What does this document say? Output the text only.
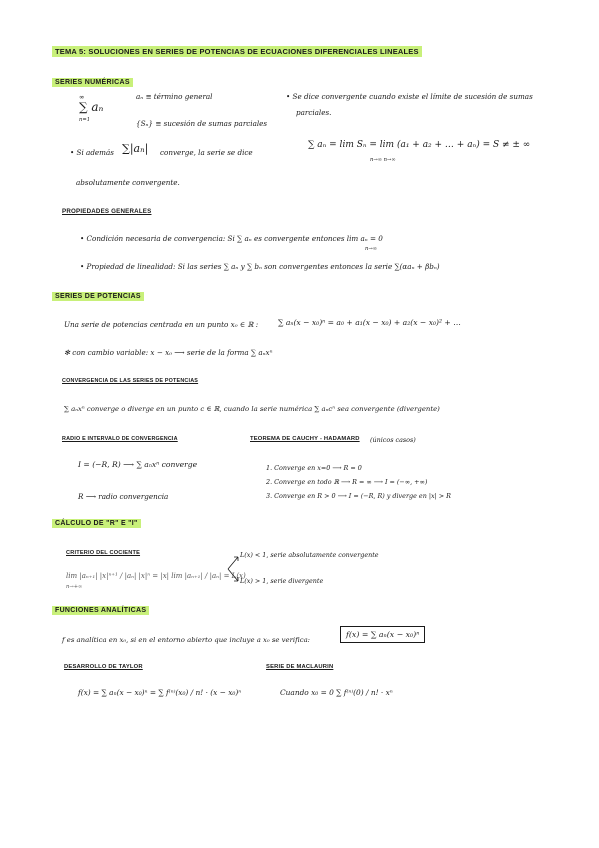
TEMA 5: SOLUCIONES EN SERIES DE POTENCIAS DE ECUACIONES DIFERENCIALES LINEALES
SERIES NUMÉRICAS
∞
∑ aₙ
n=1
aₙ ≡ término general
{Sₙ} ≡ sucesión de sumas parciales
• Si además ∑|aₙ| converge, la serie se dice
absolutamente convergente.
• Se dice convergente cuando existe el límite de sucesión de sumas
parciales.
∑ aₙ = lim Sₙ = lim (a₁ + a₂ + … + aₙ) = S ≠ ± ∞
n→∞ n→∞
PROPIEDADES GENERALES
• Condición necesaria de convergencia: Si ∑ aₙ es convergente entonces lim aₙ = 0
n→∞
• Propiedad de linealidad: Si las series ∑ aₙ y ∑ bₙ son convergentes entonces la serie ∑(αaₙ + βbₙ)
SERIES DE POTENCIAS
Una serie de potencias centrada en un punto x₀ ∈ ℝ :	∑ aₙ(x − x₀)ⁿ = a₀ + a₁(x − x₀) + a₂(x − x₀)² + …
✻ con cambio variable: x − x₀ ⟶ serie de la forma ∑ aₙxⁿ
CONVERGENCIA DE LAS SERIES DE POTENCIAS
∑ aₙxⁿ converge o diverge en un punto c ∈ ℝ, cuando la serie numérica ∑ aₙcⁿ sea convergente (divergente)
RADIO E INTERVALO DE CONVERGENCIA
I = (−R, R) ⟶ ∑ aₙxⁿ converge
R ⟶ radio convergencia
TEOREMA DE CAUCHY - HADAMARD (únicos casos)
1. Converge en x=0 ⟶ R = 0
2. Converge en todo ℝ ⟶ R = ∞ ⟶ I = (−∞, +∞)
3. Converge en R > 0 ⟶ I = (−R, R) y diverge en |x| > R
CÁLCULO DE "R" E "I"
CRITERIO DEL COCIENTE
lim |aₙ₊₁| |x|ⁿ⁺¹ / |aₙ| |x|ⁿ = |x| lim |aₙ₊₁| / |aₙ| = L(x)
n→+∞
L(x) < 1, serie absolutamente convergente
L(x) > 1, serie divergente
FUNCIONES ANALÍTICAS
f es analítica en x₀, si en el entorno abierto que incluye a x₀ se verifica:
f(x) = ∑ aₙ(x − x₀)ⁿ
DESARROLLO DE TAYLOR
f(x) = ∑ aₙ(x − x₀)ⁿ = ∑ f⁽ⁿ⁾(x₀) / n! · (x − x₀)ⁿ
SERIE DE MACLAURIN
Cuando x₀ = 0 ∑ f⁽ⁿ⁾(0) / n! · xⁿ
